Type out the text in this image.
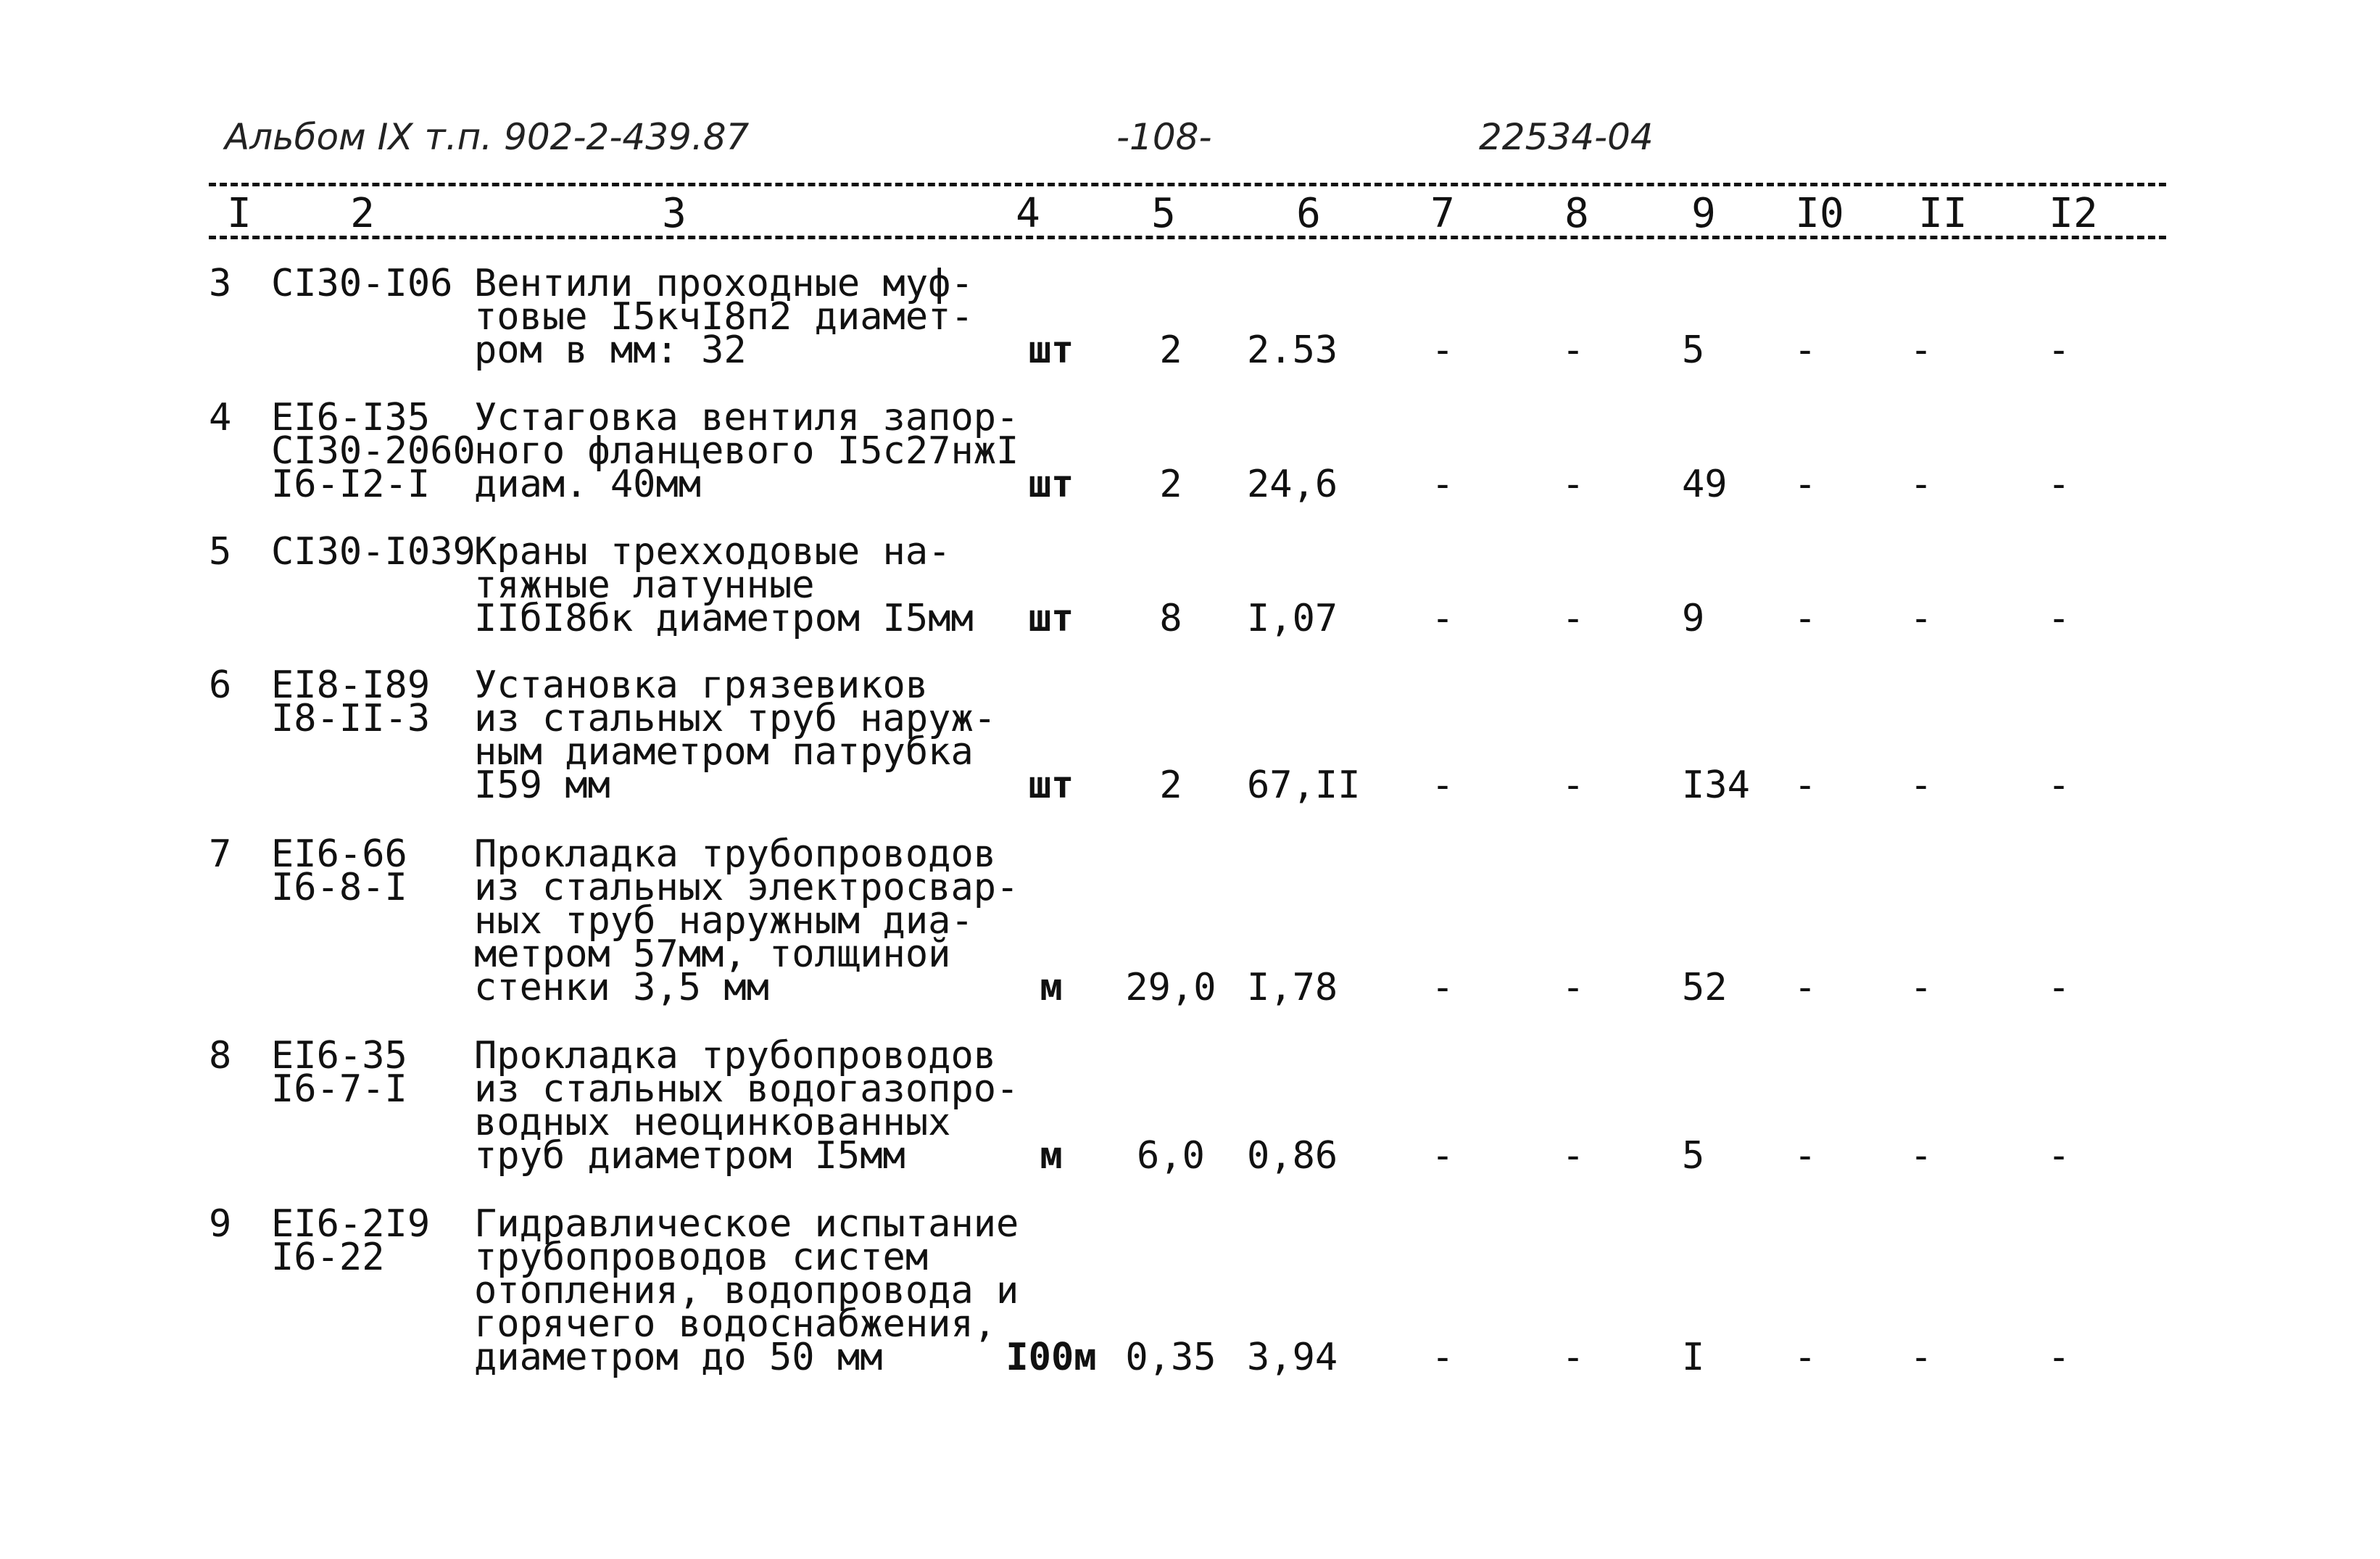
Альбом IX т.п. 902-2-439.87	-108-	22534-04
I	2	3	4	5	6	7	8	9	I0	II	I2
3 СI30-I06 Вентили проходные муф-
товые I5кчI8п2 диамет-
ром в мм: 32	шт	2	2.53	-	-	5	-	-	-
4 ЕI6-I35
СI30-2060
I6-I2-I
Устаговка вентиля запор-
ного фланцевого I5с27нжI
диам. 40мм	шт	2	24,6	-	-	49	-	-	-
5 СI30-I039
Краны трехходовые на-
тяжные латунные
IIбI8бк диаметром I5мм	шт	8	I,07	-	-	9	-	-	-
6 ЕI8-I89
I8-II-3
Установка грязевиков
из стальных труб наруж-
ным диаметром патрубка
I59 мм	шт	2	67,II	-	-	I34	-	-	-
7 ЕI6-66
I6-8-I
Прокладка трубопроводов
из стальных электросвар-
ных труб наружным диа-
метром 57мм, толщиной
стенки 3,5 мм	м	29,0 I,78	-	-	52	-	-	-
8 ЕI6-35
I6-7-I
Прокладка трубопроводов
из стальных водогазопро-
водных неоцинкованных
труб диаметром I5мм	м	6,0	0,86	-	-	5	-	-	-
9 ЕI6-2I9
I6-22
Гидравлическое испытание
трубопроводов систем
отопления, водопровода и
горячего водоснабжения,
диаметром до 50 мм	I00м 0,35 3,94	-	-	I	-	-	-
